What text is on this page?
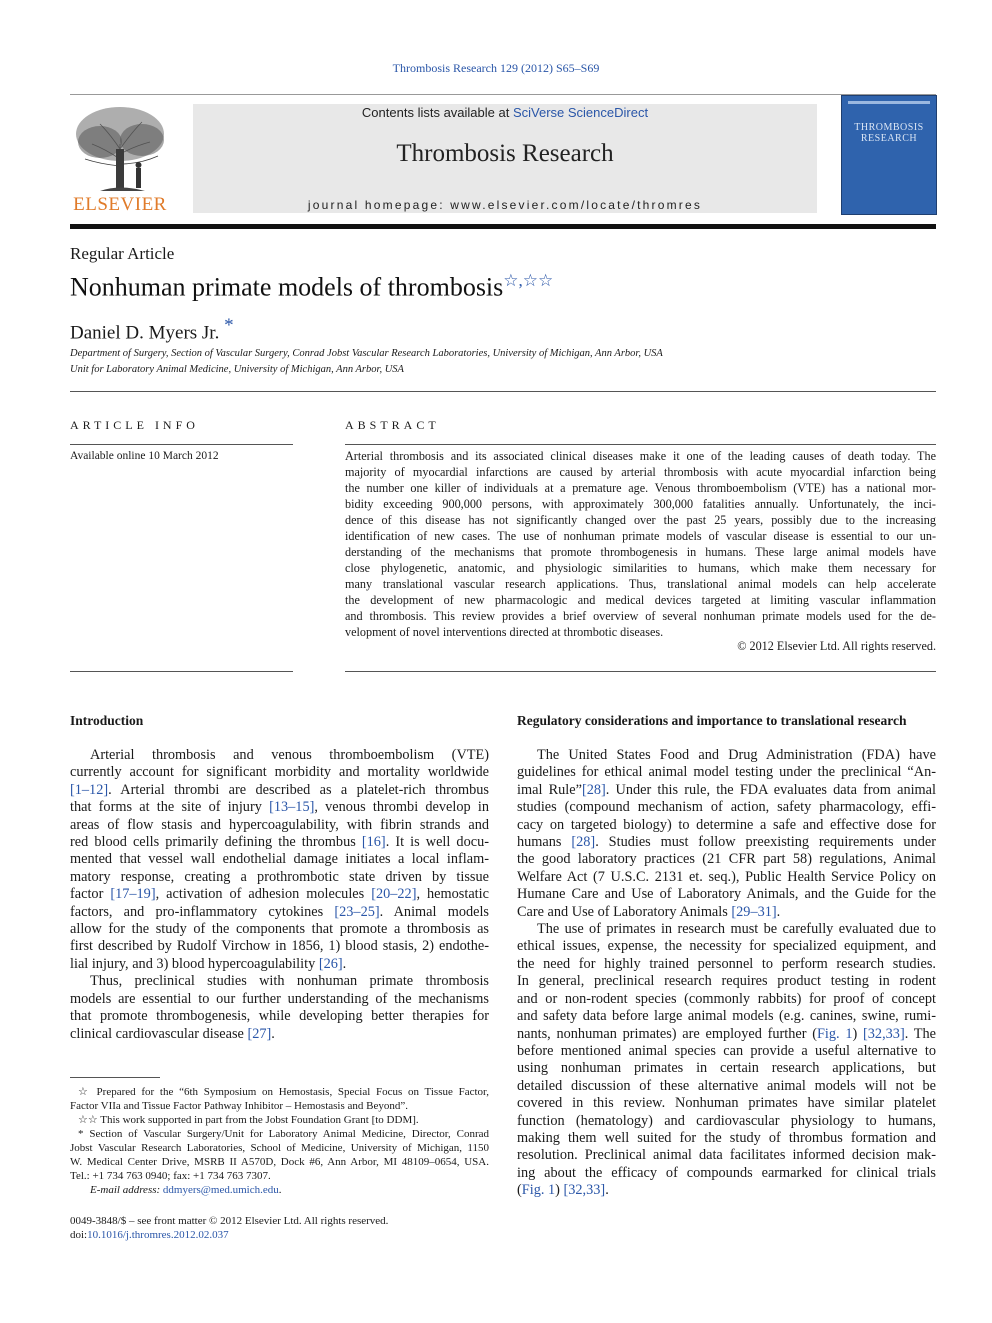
Thrombosis Research 129 (2012) S65–S69
ELSEVIER
Contents lists available at SciVerse ScienceDirect
Thrombosis Research
journal homepage: www.elsevier.com/locate/thromres
THROMBOSIS RESEARCH
Regular Article
Nonhuman primate models of thrombosis☆,☆☆
Daniel D. Myers Jr. *
Department of Surgery, Section of Vascular Surgery, Conrad Jobst Vascular Research Laboratories, University of Michigan, Ann Arbor, USA
Unit for Laboratory Animal Medicine, University of Michigan, Ann Arbor, USA
ARTICLE INFO
Available online 10 March 2012
ABSTRACT
Arterial thrombosis and its associated clinical diseases make it one of the leading causes of death today. The
majority of myocardial infarctions are caused by arterial thrombosis with acute myocardial infarction being
the number one killer of individuals at a premature age. Venous thromboembolism (VTE) has a national mor-
bidity exceeding 900,000 persons, with approximately 300,000 fatalities annually. Unfortunately, the inci-
dence of this disease has not significantly changed over the past 25 years, possibly due to the increasing
identification of new cases. The use of nonhuman primate models of vascular disease is essential to our un-
derstanding of the mechanisms that promote thrombogenesis in humans. These large animal models have
close phylogenetic, anatomic, and physiologic similarities to humans, which make them necessary for
many translational vascular research applications. Thus, translational animal models can help accelerate
the development of new pharmacologic and medical devices targeted at limiting vascular inflammation
and thrombosis. This review provides a brief overview of several nonhuman primate models used for the de-
velopment of novel interventions directed at thrombotic diseases.
© 2012 Elsevier Ltd. All rights reserved.
Introduction
Arterial thrombosis and venous thromboembolism (VTE)
currently account for significant morbidity and mortality worldwide
[1–12]. Arterial thrombi are described as a platelet-rich thrombus
that forms at the site of injury [13–15], venous thrombi develop in
areas of flow stasis and hypercoagulability, with fibrin strands and
red blood cells primarily defining the thrombus [16]. It is well docu-
mented that vessel wall endothelial damage initiates a local inflam-
matory response, creating a prothrombotic state driven by tissue
factor [17–19], activation of adhesion molecules [20–22], hemostatic
factors, and pro-inflammatory cytokines [23–25]. Animal models
allow for the study of the components that promote a thrombosis as
first described by Rudolf Virchow in 1856, 1) blood stasis, 2) endothe-
lial injury, and 3) blood hypercoagulability [26].
Thus, preclinical studies with nonhuman primate thrombosis
models are essential to our further understanding of the mechanisms
that promote thrombogenesis, while developing better therapies for
clinical cardiovascular disease [27].
☆ Prepared for the “6th Symposium on Hemostasis, Special Focus on Tissue Factor,
Factor VIIa and Tissue Factor Pathway Inhibitor – Hemostasis and Beyond”.
☆☆ This work supported in part from the Jobst Foundation Grant [to DDM].
* Section of Vascular Surgery/Unit for Laboratory Animal Medicine, Director, Conrad
Jobst Vascular Research Laboratories, School of Medicine, University of Michigan, 1150
W. Medical Center Drive, MSRB II A570D, Dock #6, Ann Arbor, MI 48109–0654, USA.
Tel.: +1 734 763 0940; fax: +1 734 763 7307.
E-mail address: ddmyers@med.umich.edu.
0049-3848/$ – see front matter © 2012 Elsevier Ltd. All rights reserved.
doi:10.1016/j.thromres.2012.02.037
Regulatory considerations and importance to translational research
The United States Food and Drug Administration (FDA) have
guidelines for ethical animal model testing under the preclinical “An-
imal Rule”[28]. Under this rule, the FDA evaluates data from animal
studies (compound mechanism of action, safety pharmacology, effi-
cacy on targeted biology) to determine a safe and effective dose for
humans [28]. Studies must follow preexisting requirements under
the good laboratory practices (21 CFR part 58) regulations, Animal
Welfare Act (7 U.S.C. 2131 et. seq.), Public Health Service Policy on
Humane Care and Use of Laboratory Animals, and the Guide for the
Care and Use of Laboratory Animals [29–31].
The use of primates in research must be carefully evaluated due to
ethical issues, expense, the necessity for specialized equipment, and
the need for highly trained personnel to perform research studies.
In general, preclinical research requires product testing in rodent
and or non-rodent species (commonly rabbits) for proof of concept
and safety data before large animal models (e.g. canines, swine, rumi-
nants, nonhuman primates) are employed further (Fig. 1) [32,33]. The
before mentioned animal species can provide a useful alternative to
using nonhuman primates in certain research applications, but
detailed discussion of these alternative animal models will not be
covered in this review. Nonhuman primates have similar platelet
function (hematology) and cardiovascular physiology to humans,
making them well suited for the study of thrombus formation and
resolution. Preclinical animal data facilitates informed decision mak-
ing about the efficacy of compounds earmarked for clinical trials
(Fig. 1) [32,33].
